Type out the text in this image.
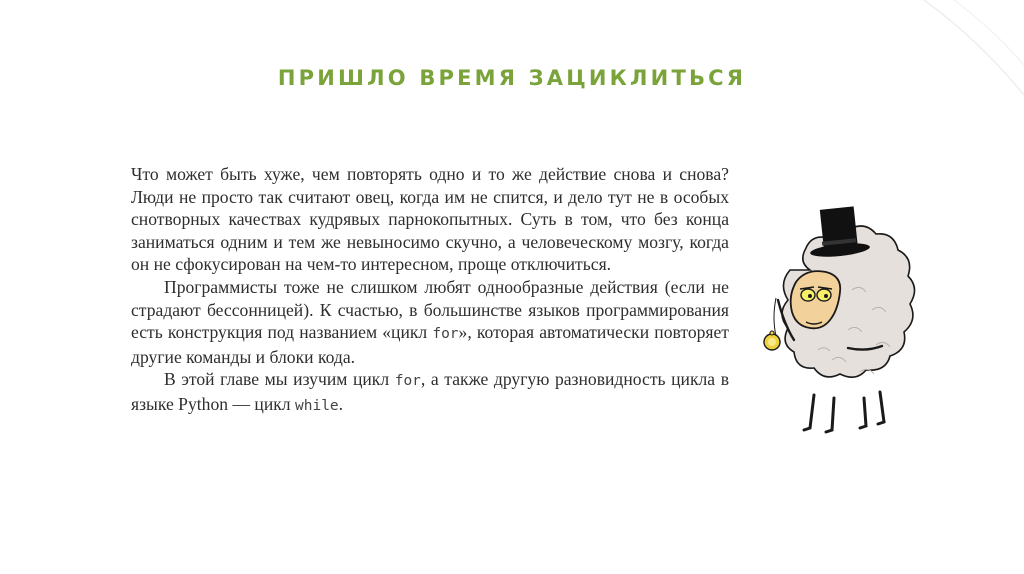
ПРИШЛО ВРЕМЯ ЗАЦИКЛИТЬСЯ

Что может быть хуже, чем повторять одно и то же действие снова и снова? Люди не просто так считают овец, когда им не спится, и дело тут не в особых снотворных качествах кудрявых парнокопытных. Суть в том, что без конца заниматься одним и тем же невыносимо скучно, а человеческому мозгу, когда он не сфокусирован на чем-то интересном, проще отключиться.

Программисты тоже не слишком любят однообразные действия (если не страдают бессонницей). К счастью, в большинстве языков программирования есть конструкция под названием «цикл for», которая автоматически повторяет другие команды и блоки кода.

В этой главе мы изучим цикл for, а также другую разновидность цикла в языке Python — цикл while.
